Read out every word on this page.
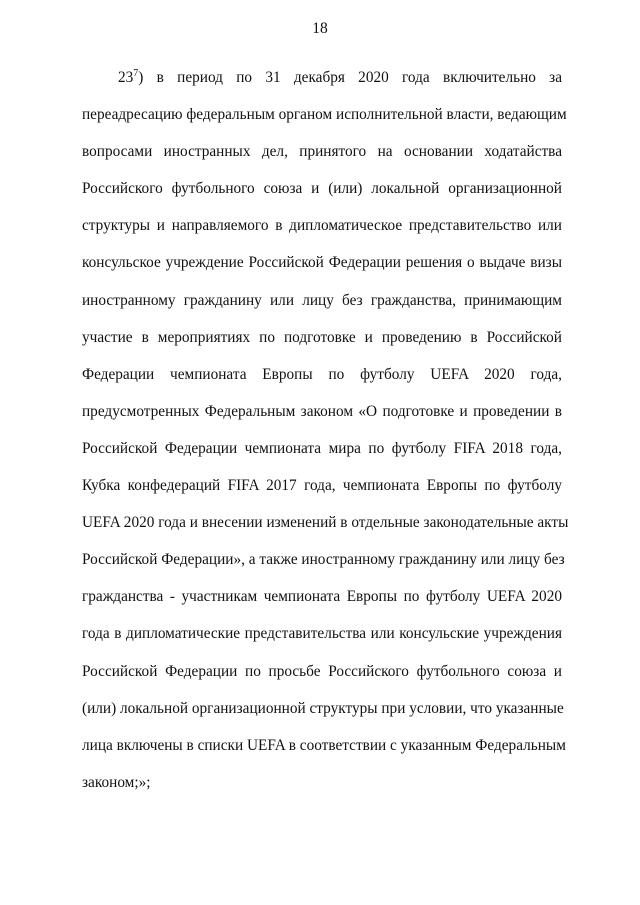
18
$23^7$) в период по 31 декабря 2020 года включительно за
переадресацию федеральным органом исполнительной власти, ведающим
вопросами иностранных дел, принятого на основании ходатайства
Российского футбольного союза и (или) локальной организационной
структуры и направляемого в дипломатическое представительство или
консульское учреждение Российской Федерации решения о выдаче визы
иностранному гражданину или лицу без гражданства, принимающим
участие в мероприятиях по подготовке и проведению в Российской
Федерации чемпионата Европы по футболу UEFA 2020 года,
предусмотренных Федеральным законом «О подготовке и проведении в
Российской Федерации чемпионата мира по футболу FIFA 2018 года,
Кубка конфедераций FIFA 2017 года, чемпионата Европы по футболу
UEFA 2020 года и внесении изменений в отдельные законодательные акты
Российской Федерации», а также иностранному гражданину или лицу без
гражданства - участникам чемпионата Европы по футболу UEFA 2020
года в дипломатические представительства или консульские учреждения
Российской Федерации по просьбе Российского футбольного союза и
(или) локальной организационной структуры при условии, что указанные
лица включены в списки UEFA в соответствии с указанным Федеральным
законом;»;
